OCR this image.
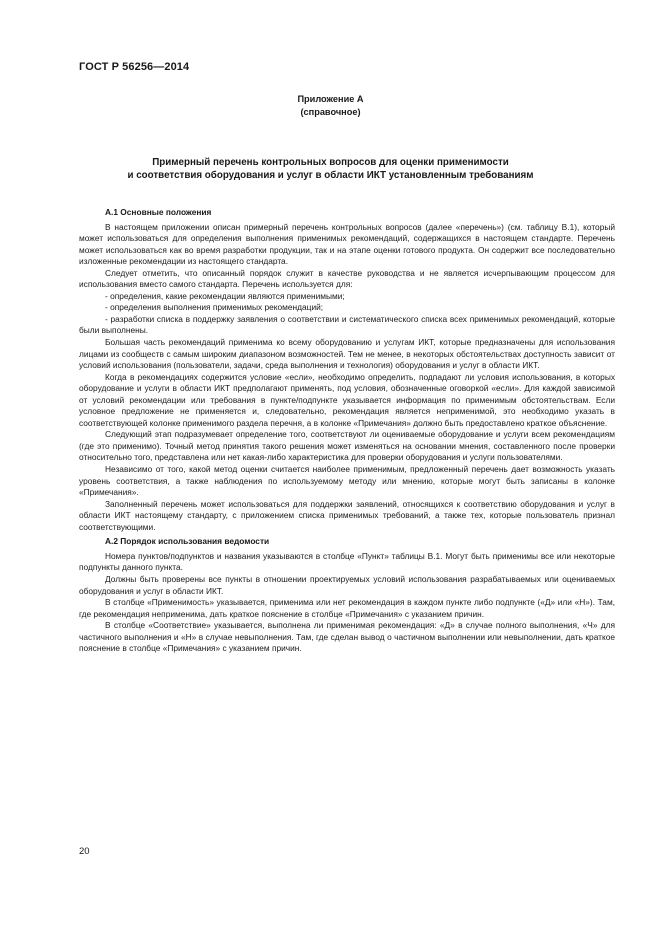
ГОСТ Р 56256—2014
Приложение А
(справочное)
Примерный перечень контрольных вопросов для оценки применимости
и соответствия оборудования и услуг в области ИКТ установленным требованиям
А.1 Основные положения

В настоящем приложении описан примерный перечень контрольных вопросов (далее «перечень») (см. таблицу В.1), который может использоваться для определения выполнения применимых рекомендаций, содержащихся в настоящем стандарте. Перечень может использоваться как во время разработки продукции, так и на этапе оценки готового продукта. Он содержит все последовательно изложенные рекомендации из настоящего стандарта.

Следует отметить, что описанный порядок служит в качестве руководства и не является исчерпывающим процессом для использования вместо самого стандарта. Перечень используется для:

- определения, какие рекомендации являются применимыми;

- определения выполнения применимых рекомендаций;

- разработки списка в поддержку заявления о соответствии и систематического списка всех применимых рекомендаций, которые были выполнены.

Большая часть рекомендаций применима ко всему оборудованию и услугам ИКТ, которые предназначены для использования лицами из сообществ с самым широким диапазоном возможностей. Тем не менее, в некоторых обстоятельствах доступность зависит от условий использования (пользователи, задачи, среда выполнения и технология) оборудования и услуг в области ИКТ.

Когда в рекомендациях содержится условие «если», необходимо определить, подпадают ли условия использования, в которых оборудование и услуги в области ИКТ предполагают применять, под условия, обозначенные оговоркой «если». Для каждой зависимой от условий рекомендации или требования в пункте/подпункте указывается информация по применимым обстоятельствам. Если условное предложение не применяется и, следовательно, рекомендация является неприменимой, это необходимо указать в соответствующей колонке применимого раздела перечня, а в колонке «Примечания» должно быть предоставлено краткое объяснение.

Следующий этап подразумевает определение того, соответствуют ли оцениваемые оборудование и услуги всем рекомендациям (где это применимо). Точный метод принятия такого решения может изменяться на основании мнения, составленного после проверки относительно того, представлена или нет какая-либо характеристика для проверки оборудования и услуги пользователями.

Независимо от того, какой метод оценки считается наиболее применимым, предложенный перечень дает возможность указать уровень соответствия, а также наблюдения по используемому методу или мнению, которые могут быть записаны в колонке «Примечания».

Заполненный перечень может использоваться для поддержки заявлений, относящихся к соответствию оборудования и услуг в области ИКТ настоящему стандарту, с приложением списка применимых требований, а также тех, которые пользователь признал соответствующими.

А.2 Порядок использования ведомости

Номера пунктов/подпунктов и названия указываются в столбце «Пункт» таблицы В.1. Могут быть применимы все или некоторые подпункты данного пункта.

Должны быть проверены все пункты в отношении проектируемых условий использования разрабатываемых или оцениваемых оборудования и услуг в области ИКТ.

В столбце «Применимость» указывается, применима или нет рекомендация в каждом пункте либо подпункте («Д» или «Н»). Там, где рекомендация неприменима, дать краткое пояснение в столбце «Примечания» с указанием причин.

В столбце «Соответствие» указывается, выполнена ли применимая рекомендация: «Д» в случае полного выполнения, «Ч» для частичного выполнения и «Н» в случае невыполнения. Там, где сделан вывод о частичном выполнении или невыполнении, дать краткое пояснение в столбце «Примечания» с указанием причин.

20
